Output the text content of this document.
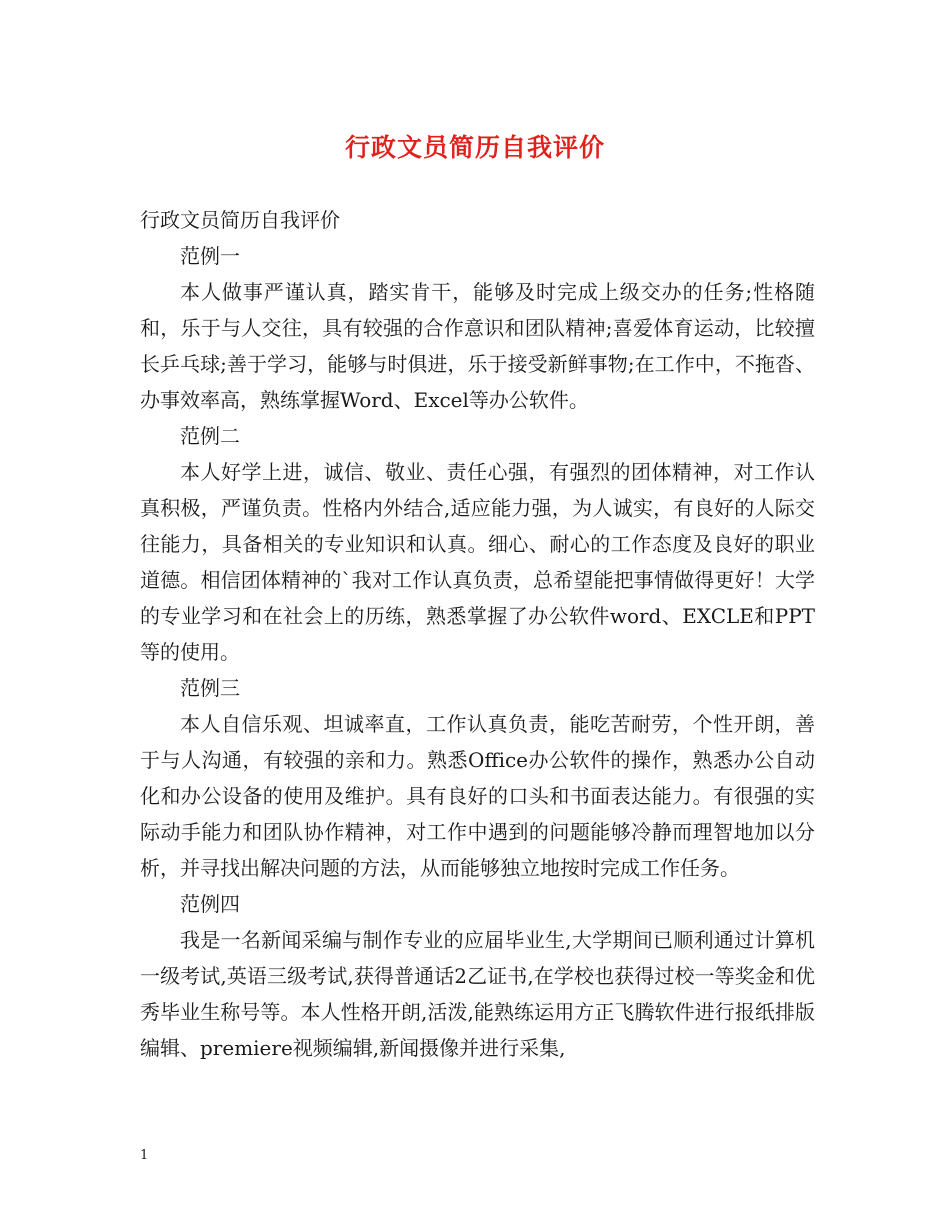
行政文员简历自我评价

行政文员简历自我评价

范例一

本人做事严谨认真，踏实肯干，能够及时完成上级交办的任务;性格随和，乐于与人交往，具有较强的合作意识和团队精神;喜爱体育运动，比较擅长乒乓球;善于学习，能够与时俱进，乐于接受新鲜事物;在工作中，不拖沓、办事效率高，熟练掌握Word、Excel等办公软件。

范例二

本人好学上进，诚信、敬业、责任心强，有强烈的团体精神，对工作认真积极，严谨负责。性格内外结合,适应能力强，为人诚实，有良好的人际交往能力，具备相关的专业知识和认真。细心、耐心的工作态度及良好的职业道德。相信团体精神的`我对工作认真负责，总希望能把事情做得更好！大学的专业学习和在社会上的历练，熟悉掌握了办公软件word、EXCLE和PPT等的使用。

范例三

本人自信乐观、坦诚率直，工作认真负责，能吃苦耐劳，个性开朗，善于与人沟通，有较强的亲和力。熟悉Office办公软件的操作，熟悉办公自动化和办公设备的使用及维护。具有良好的口头和书面表达能力。有很强的实际动手能力和团队协作精神，对工作中遇到的问题能够冷静而理智地加以分析，并寻找出解决问题的方法，从而能够独立地按时完成工作任务。

范例四

我是一名新闻采编与制作专业的应届毕业生,大学期间已顺利通过计算机一级考试,英语三级考试,获得普通话2乙证书,在学校也获得过校一等奖金和优秀毕业生称号等。本人性格开朗,活泼,能熟练运用方正飞腾软件进行报纸排版编辑、premiere视频编辑,新闻摄像并进行采集,

1
